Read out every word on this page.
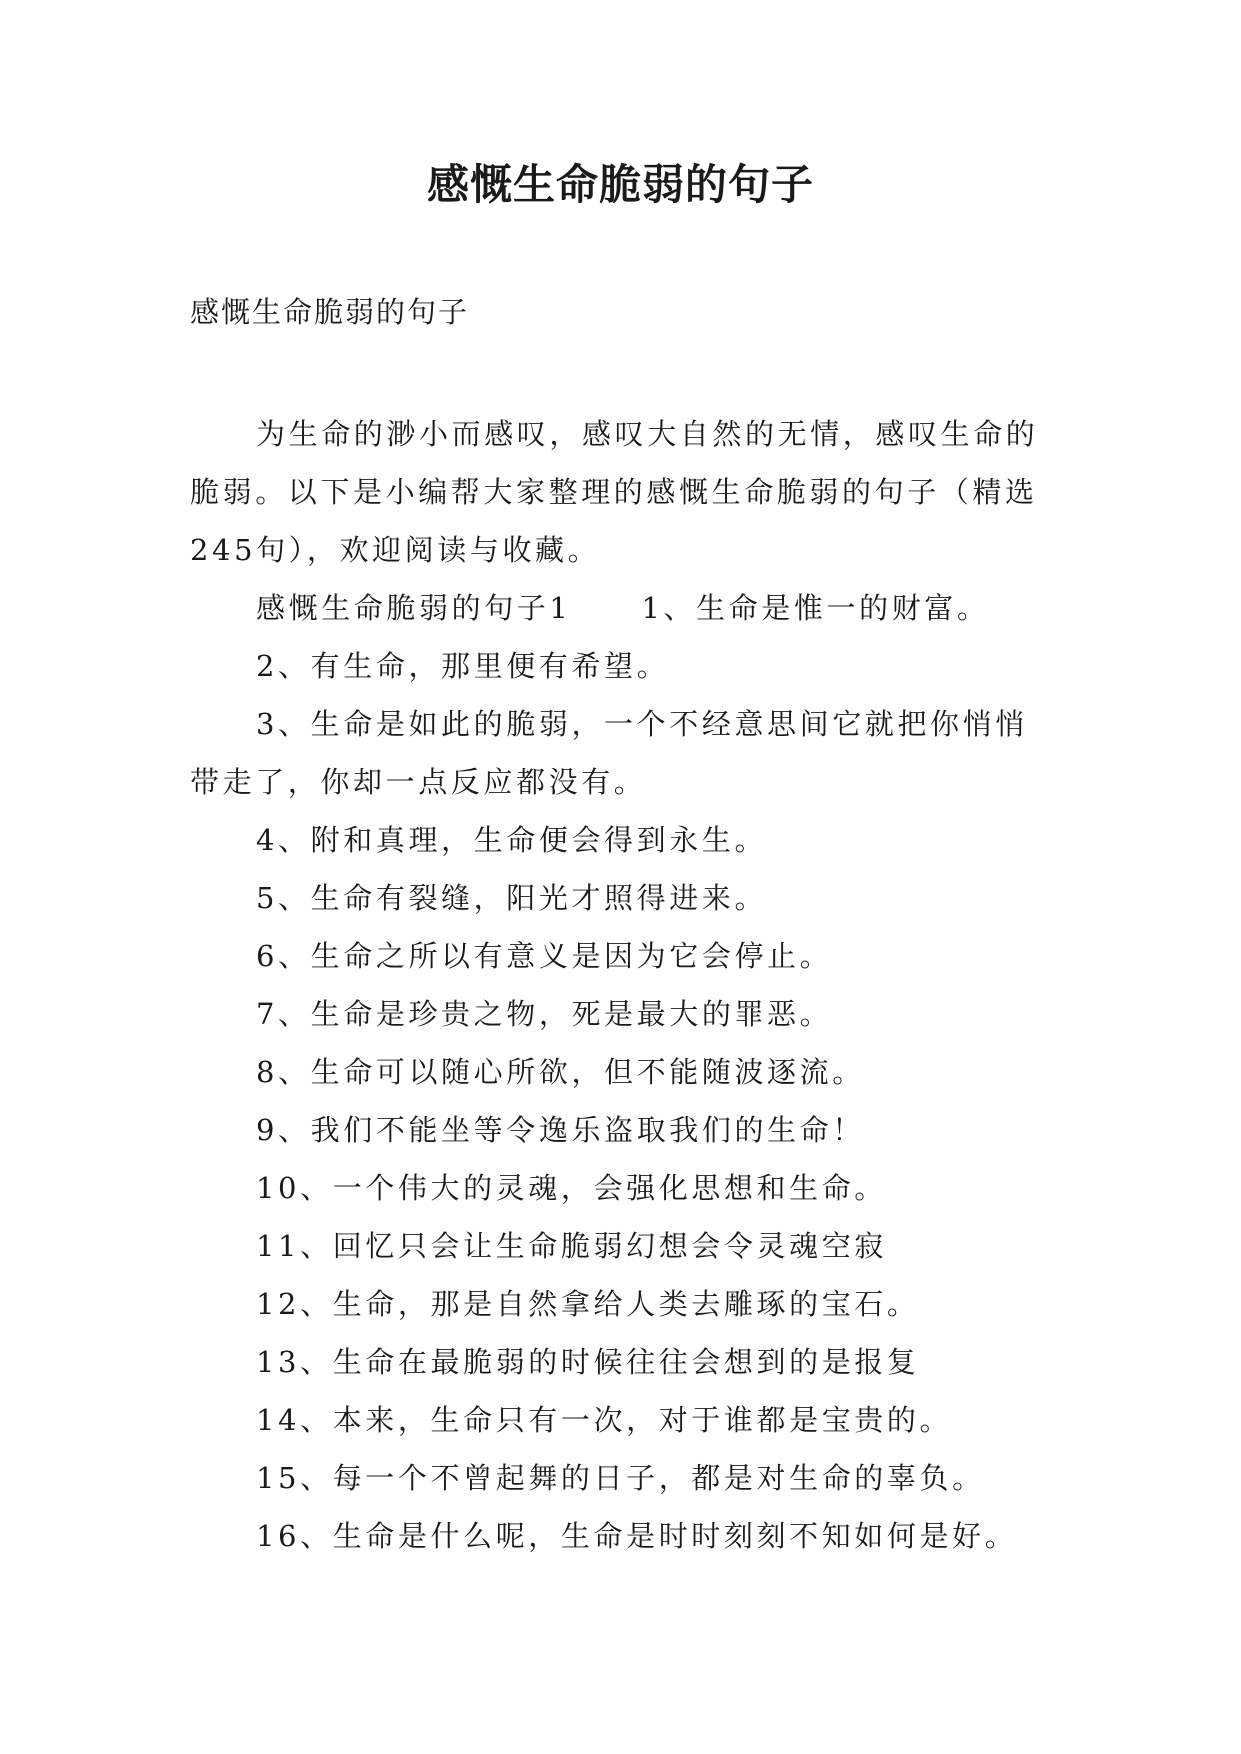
感慨生命脆弱的句子

感慨生命脆弱的句子

为生命的渺小而感叹，感叹大自然的无情，感叹生命的脆弱。以下是小编帮大家整理的感慨生命脆弱的句子（精选245句），欢迎阅读与收藏。

感慨生命脆弱的句子1 1、生命是惟一的财富。

2、有生命，那里便有希望。

3、生命是如此的脆弱，一个不经意思间它就把你悄悄带走了，你却一点反应都没有。

4、附和真理，生命便会得到永生。

5、生命有裂缝，阳光才照得进来。

6、生命之所以有意义是因为它会停止。

7、生命是珍贵之物，死是最大的罪恶。

8、生命可以随心所欲，但不能随波逐流。

9、我们不能坐等令逸乐盗取我们的生命！

10、一个伟大的灵魂，会强化思想和生命。

11、回忆只会让生命脆弱幻想会令灵魂空寂

12、生命，那是自然拿给人类去雕琢的宝石。

13、生命在最脆弱的时候往往会想到的是报复

14、本来，生命只有一次，对于谁都是宝贵的。

15、每一个不曾起舞的日子，都是对生命的辜负。

16、生命是什么呢，生命是时时刻刻不知如何是好。
